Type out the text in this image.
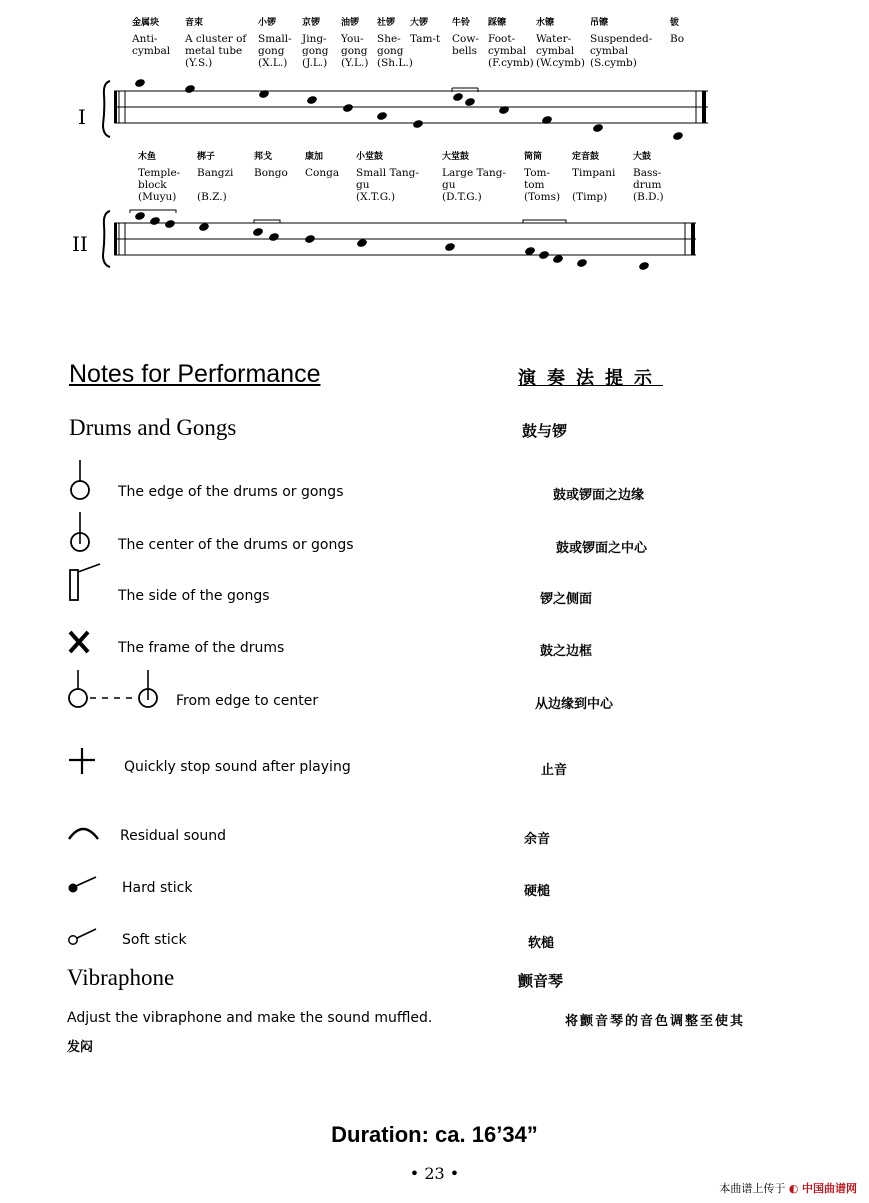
金属块
Anti-
cymbal
音束
A cluster of
metal tube
(Y.S.)
小锣
Small-
gong
(X.L.)
京锣
Jing-
gong
(J.L.)
油锣
You-
gong
(Y.L.)
社锣
She-
gong
(Sh.L.)
大锣
Tam-t
牛铃
Cow-
bells
踩镲
Foot-
cymbal
(F.cymb)
水镲
Water-
cymbal
(W.cymb)
吊镲
Suspended-
cymbal
(S.cymb)
钹
Bo
I
木鱼
Temple-
block
(Muyu)
梆子
Bangzi

(B.Z.)
邦戈
Bongo
康加
Conga
小堂鼓
Small Tang-
gu
(X.T.G.)
大堂鼓
Large Tang-
gu
(D.T.G.)
筒筒
Tom-
tom
(Toms)
定音鼓
Timpani

(Timp)
大鼓
Bass-
drum
(B.D.)
II
Notes for Performance	演奏法提示
Drums and Gongs	鼓与锣
The edge of the drums or gongs	鼓或锣面之边缘
The center of the drums or gongs	鼓或锣面之中心
The side of the gongs	锣之侧面
The frame of the drums	鼓之边框
From edge to center	从边缘到中心
Quickly stop sound after playing	止音
Residual sound	余音
Hard stick	硬槌
Soft stick	软槌
Vibraphone	颤音琴
Adjust the vibraphone and make the sound muffled.	将颤音琴的音色调整至使其
发闷
Duration: ca. 16’34”
• 23 •
本曲谱上传于 ◐ 中国曲谱网
